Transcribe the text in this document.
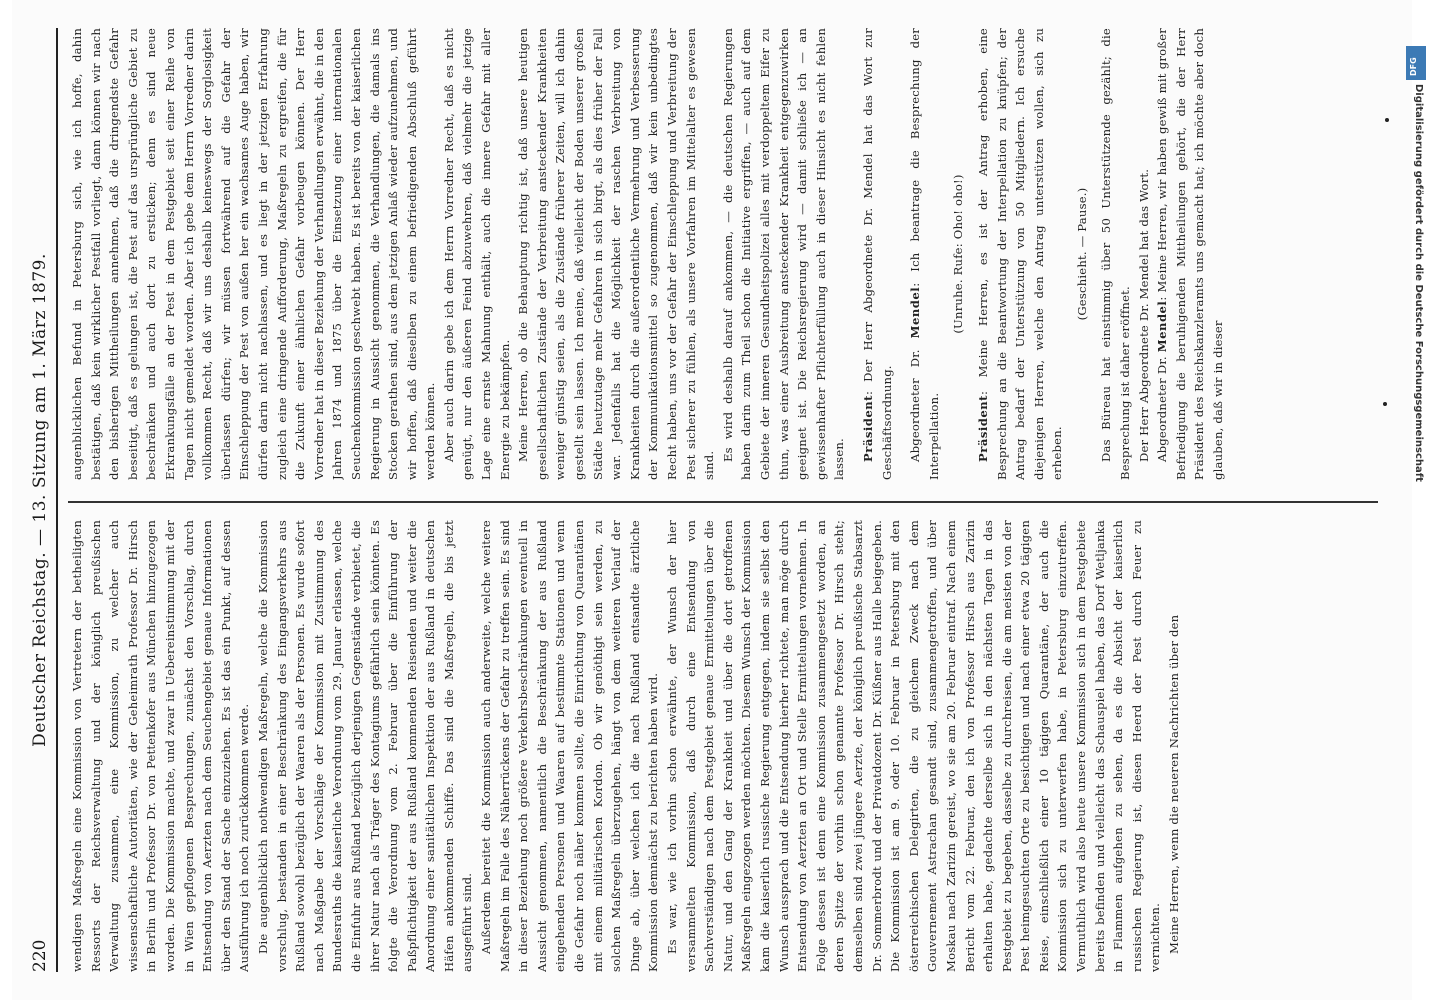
220
Deutscher Reichstag. — 13. Sitzung am 1. März 1879. wendigen Maßregeln eine Kommission von Vertretern der betheiligten Ressorts der Reichsverwaltung und der königlich preußischen Verwaltung zusammen, eine Kommission, zu welcher auch wissenschaftliche Autoritäten, wie der Geheimrath Professor Dr. Hirsch in Berlin und Professor Dr. von Pettenkofer aus München hinzugezogen worden. Die Kommission machte, und zwar in Uebereinstimmung mit der in Wien gepflogenen Besprechungen, zunächst den Vorschlag, durch Entsendung von Aerzten nach dem Seuchengebiet genaue Informationen über den Stand der Sache einzuziehen. Es ist das ein Punkt, auf dessen Ausführung ich noch zurückkommen werde. Die augenblicklich nothwendigen Maßregeln, welche die Kommission vorschlug, bestanden in einer Beschränkung des Eingangsverkehrs aus Rußland sowohl bezüglich der Waaren als der Personen. Es wurde sofort nach Maßgabe der Vorschläge der Kommission mit Zustimmung des Bundesraths die kaiserliche Verordnung vom 29. Januar erlassen, welche die Einfuhr aus Rußland bezüglich derjenigen Gegenstände verbietet, die ihrer Natur nach als Träger des Kontagiums gefährlich sein könnten. Es folgte die Verordnung vom 2. Februar über die Einführung der Paßpflichtigkeit der aus Rußland kommenden Reisenden und weiter die Anordnung einer sanitätlichen Inspektion der aus Rußland in deutschen Häfen ankommenden Schiffe. Das sind die Maßregeln, die bis jetzt ausgeführt sind. Außerdem bereitet die Kommission auch anderweite, welche weitere Maßregeln im Falle des Näherrückens der Gefahr zu treffen sein. Es sind in dieser Beziehung noch größere Verkehrsbeschränkungen eventuell in Aussicht genommen, namentlich die Beschränkung der aus Rußland eingehenden Personen und Waaren auf bestimmte Stationen und wenn die Gefahr noch näher kommen sollte, die Einrichtung von Quarantänen mit einem militärischen Kordon. Ob wir genöthigt sein werden, zu solchen Maßregeln überzugehen, hängt von dem weiteren Verlauf der Dinge ab, über welchen ich die nach Rußland entsandte ärztliche Kommission demnächst zu berichten haben wird. Es war, wie ich vorhin schon erwähnte, der Wunsch der hier versammelten Kommission, daß durch eine Entsendung von Sachverständigen nach dem Pestgebiet genaue Ermittelungen über die Natur, und den Gang der Krankheit und über die dort getroffenen Maßregeln eingezogen werden möchten. Diesem Wunsch der Kommission kam die kaiserlich russische Regierung entgegen, indem sie selbst den Wunsch aussprach und die Entsendung hierher richtete, man möge durch Entsendung von Aerzten an Ort und Stelle Ermittelungen vornehmen. In Folge dessen ist denn eine Kommission zusammengesetzt worden, an deren Spitze der vorhin schon genannte Professor Dr. Hirsch steht; demselben sind zwei jüngere Aerzte, der königlich preußische Stabsarzt Dr. Sommerbrodt und der Privatdozent Dr. Küßner aus Halle beigegeben. Die Kommission ist am 9. oder 10. Februar in Petersburg mit den österreichischen Delegirten, die zu gleichem Zweck nach dem Gouvernement Astrachan gesandt sind, zusammengetroffen, und über Moskau nach Zarizin gereist, wo sie am 20. Februar eintraf. Nach einem Bericht vom 22. Februar, den ich von Professor Hirsch aus Zarizin erhalten habe, gedachte derselbe sich in den nächsten Tagen in das Pestgebiet zu begeben, dasselbe zu durchreisen, die am meisten von der Pest heimgesuchten Orte zu besichtigen und nach einer etwa 20 tägigen Reise, einschließlich einer 10 tägigen Quarantäne, der auch die Kommission sich zu unterwerfen habe, in Petersburg einzutreffen. Vermuthlich wird also heute unsere Kommission sich in dem Pestgebiete bereits befinden und vielleicht das Schauspiel haben, das Dorf Wetljanka in Flammen aufgehen zu sehen, da es die Absicht der kaiserlich russischen Regierung ist, diesen Heerd der Pest durch Feuer zu vernichten. Meine Herren, wenn die neueren Nachrichten über den

augenblicklichen Befund in Petersburg sich, wie ich hoffe, dahin bestätigen, daß kein wirklicher Pestfall vorliegt, dann können wir nach den bisherigen Mittheilungen annehmen, daß die dringendste Gefahr beseitigt, daß es gelungen ist, die Pest auf das ursprüngliche Gebiet zu beschränken und auch dort zu ersticken; denn es sind neue Erkrankungsfälle an der Pest in dem Pestgebiet seit einer Reihe von Tagen nicht gemeldet worden. Aber ich gebe dem Herrn Vorredner darin vollkommen Recht, daß wir uns deshalb keineswegs der Sorglosigkeit überlassen dürfen; wir müssen fortwährend auf die Gefahr der Einschleppung der Pest von außen her ein wachsames Auge haben, wir dürfen darin nicht nachlassen, und es liegt in der jetzigen Erfahrung zugleich eine dringende Aufforderung, Maßregeln zu ergreifen, die für die Zukunft einer ähnlichen Gefahr vorbeugen können. Der Herr Vorredner hat in dieser Beziehung der Verhandlungen erwähnt, die in den Jahren 1874 und 1875 über die Einsetzung einer internationalen Seuchenkommission geschwebt haben. Es ist bereits von der kaiserlichen Regierung in Aussicht genommen, die Verhandlungen, die damals ins Stocken gerathen sind, aus dem jetzigen Anlaß wieder aufzunehmen, und wir hoffen, daß dieselben zu einem befriedigenden Abschluß geführt werden können. Aber auch darin gebe ich dem Herrn Vorredner Recht, daß es nicht genügt, nur den äußeren Feind abzuwehren, daß vielmehr die jetzige Lage eine ernste Mahnung enthält, auch die innere Gefahr mit aller Energie zu bekämpfen. Meine Herren, ob die Behauptung richtig ist, daß unsere heutigen gesellschaftlichen Zustände der Verbreitung ansteckender Krankheiten weniger günstig seien, als die Zustände früherer Zeiten, will ich dahin gestellt sein lassen. Ich meine, daß vielleicht der Boden unserer großen Städte heutzutage mehr Gefahren in sich birgt, als dies früher der Fall war. Jedenfalls hat die Möglichkeit der raschen Verbreitung von Krankheiten durch die außerordentliche Vermehrung und Verbesserung der Kommunikationsmittel so zugenommen, daß wir kein unbedingtes Recht haben, uns vor der Gefahr der Einschleppung und Verbreitung der Pest sicherer zu fühlen, als unsere Vorfahren im Mittelalter es gewesen sind.

Es wird deshalb darauf ankommen, — die deutschen Regierungen haben darin zum Theil schon die Initiative ergriffen, — auch auf dem Gebiete der inneren Gesundheitspolizei alles mit verdoppeltem Eifer zu thun, was einer Ausbreitung ansteckender Krankheit entgegenzuwirken geeignet ist. Die Reichsregierung wird — damit schließe ich — an gewissenhafter Pflichterfüllung auch in dieser Hinsicht es nicht fehlen lassen. Präsident: Der Herr Abgeordnete Dr. Mendel hat das Wort zur Geschäftsordnung. Abgeordneter Dr. Mendel: Ich beantrage die Besprechung der Interpellation.

(Unruhe. Rufe: Oho! oho!)

Präsident: Meine Herren, es ist der Antrag erhoben, eine Besprechung an die Beantwortung der Interpellation zu knüpfen; der Antrag bedarf der Unterstützung von 50 Mitgliedern. Ich ersuche diejenigen Herren, welche den Antrag unterstützen wollen, sich zu erheben.

(Geschieht. — Pause.) Das Büreau hat einstimmig über 50 Unterstützende gezählt; die Besprechung ist daher eröffnet. Der Herr Abgeordnete Dr. Mendel hat das Wort. Abgeordneter Dr. Mendel: Meine Herren, wir haben gewiß mit großer Befriedigung die beruhigenden Mittheilungen gehört, die der Herr Präsident des Reichskanzleramts uns gemacht hat; ich möchte aber doch glauben, daß wir in dieser

DFG
Digitalisierung gefördert durch die Deutsche Forschungsgemeinschaft
